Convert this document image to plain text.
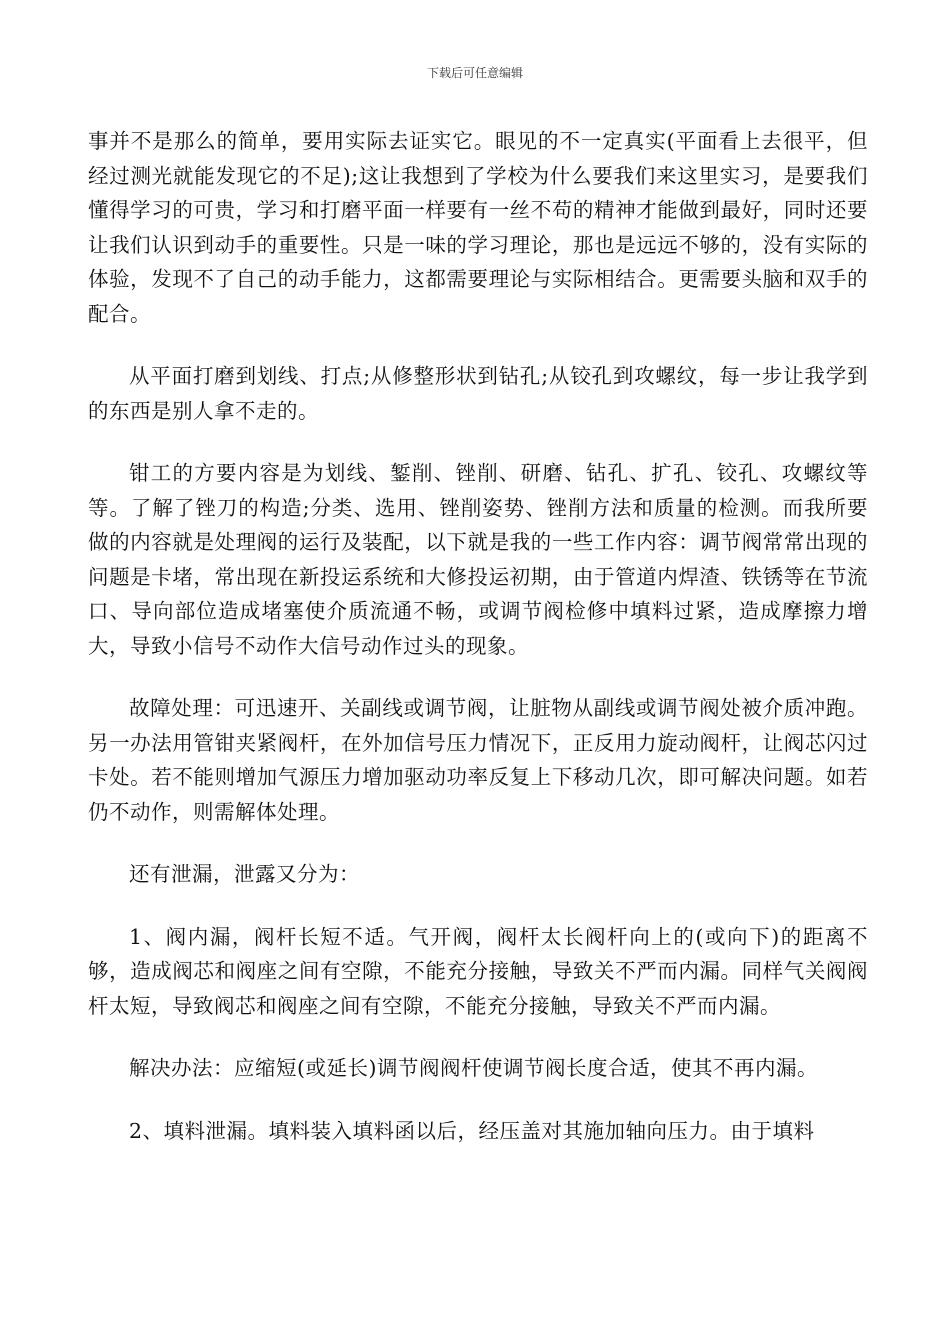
下载后可任意编辑

事并不是那么的简单，要用实际去证实它。眼见的不一定真实(平面看上去很平，但经过测光就能发现它的不足);这让我想到了学校为什么要我们来这里实习，是要我们懂得学习的可贵，学习和打磨平面一样要有一丝不苟的精神才能做到最好，同时还要让我们认识到动手的重要性。只是一味的学习理论，那也是远远不够的，没有实际的体验，发现不了自己的动手能力，这都需要理论与实际相结合。更需要头脑和双手的配合。

从平面打磨到划线、打点;从修整形状到钻孔;从铰孔到攻螺纹，每一步让我学到的东西是别人拿不走的。

钳工的方要内容是为划线、錾削、锉削、研磨、钻孔、扩孔、铰孔、攻螺纹等等。了解了锉刀的构造;分类、选用、锉削姿势、锉削方法和质量的检测。而我所要做的内容就是处理阀的运行及装配，以下就是我的一些工作内容：调节阀常常出现的问题是卡堵，常出现在新投运系统和大修投运初期，由于管道内焊渣、铁锈等在节流口、导向部位造成堵塞使介质流通不畅，或调节阀检修中填料过紧，造成摩擦力增大，导致小信号不动作大信号动作过头的现象。

故障处理：可迅速开、关副线或调节阀，让脏物从副线或调节阀处被介质冲跑。另一办法用管钳夹紧阀杆，在外加信号压力情况下，正反用力旋动阀杆，让阀芯闪过卡处。若不能则增加气源压力增加驱动功率反复上下移动几次，即可解决问题。如若仍不动作，则需解体处理。

还有泄漏，泄露又分为：

1、阀内漏，阀杆长短不适。气开阀，阀杆太长阀杆向上的(或向下)的距离不够，造成阀芯和阀座之间有空隙，不能充分接触，导致关不严而内漏。同样气关阀阀杆太短，导致阀芯和阀座之间有空隙，不能充分接触，导致关不严而内漏。

解决办法：应缩短(或延长)调节阀阀杆使调节阀长度合适，使其不再内漏。

2、填料泄漏。填料装入填料函以后，经压盖对其施加轴向压力。由于填料
